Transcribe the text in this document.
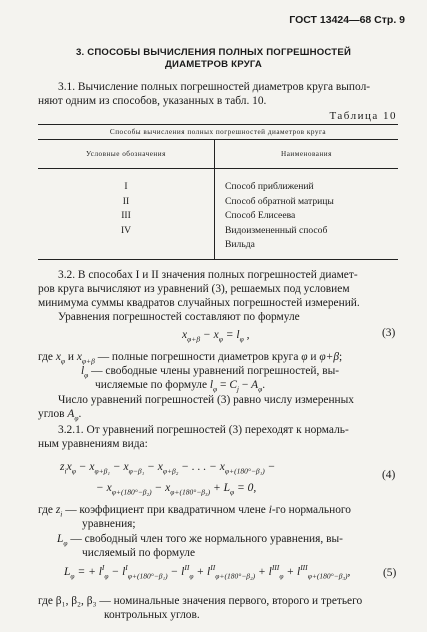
ГОСТ 13424—68 Стр. 9
3. СПОСОБЫ ВЫЧИСЛЕНИЯ ПОЛНЫХ ПОГРЕШНОСТЕЙ
ДИАМЕТРОВ КРУГА
3.1. Вычисление полных погрешностей диаметров круга выпол-
няют одним из способов, указанных в табл. 10.
Таблица 10
Способы вычисления полных погрешностей диаметров круга	
Условные обозначения	Наименования
I	Способ приближений
II	Способ обратной матрицы
III	Способ Елисеева
IV	Видоизмененный способ
Вильда
3.2. В способах I и II значения полных погрешностей диамет-
ров круга вычисляют из уравнений (3), решаемых под условием
минимума суммы квадратов случайных погрешностей измерений.
Уравнения погрешностей составляют по формуле
$x_{\varphi+\beta} - x_\varphi = l_\varphi$ ,	(3)
где $x_\varphi$ и $x_{\varphi+\beta}$ — полные погрешности диаметров круга φ и φ+β;
$l_\varphi$ — свободные члены уравнений погрешностей, вы-
числяемые по формуле $l_\varphi = C_j - A_\varphi$.
Число уравнений погрешностей (3) равно числу измеренных
углов $A_\varphi$.
3.2.1. От уравнений погрешностей (3) переходят к нормаль-
ным уравнениям вида:
$z_ix_\varphi - x_{\varphi+\beta_1} - x_{\varphi-\beta_1} - x_{\varphi+\beta_2}$ − . . . − $x_{\varphi+(180^\circ-\beta_1)}$ −
− $x_{\varphi+(180^\circ-\beta_2)} - x_{\varphi+(180^\circ-\beta_3)} + L_\varphi = 0$,
(4)
где $z_i$ — коэффициент при квадратичном члене i-го нормального
уравнения;
$L_\varphi$ — свободный член того же нормального уравнения, вы-
числяемый по формуле
$L_\varphi$ = + $l^I_\varphi - l^I_{\varphi+(180^\circ-\beta_1)} - l^{II}_\varphi + l^{II}_{\varphi+(180^\circ-\beta_2)} + l^{III}_\varphi + l^{III}_{\varphi+(180^\circ-\beta_3)}$,	(5)
где β₁, β₂, β₃ — номинальные значения первого, второго и третьего
контрольных углов.
